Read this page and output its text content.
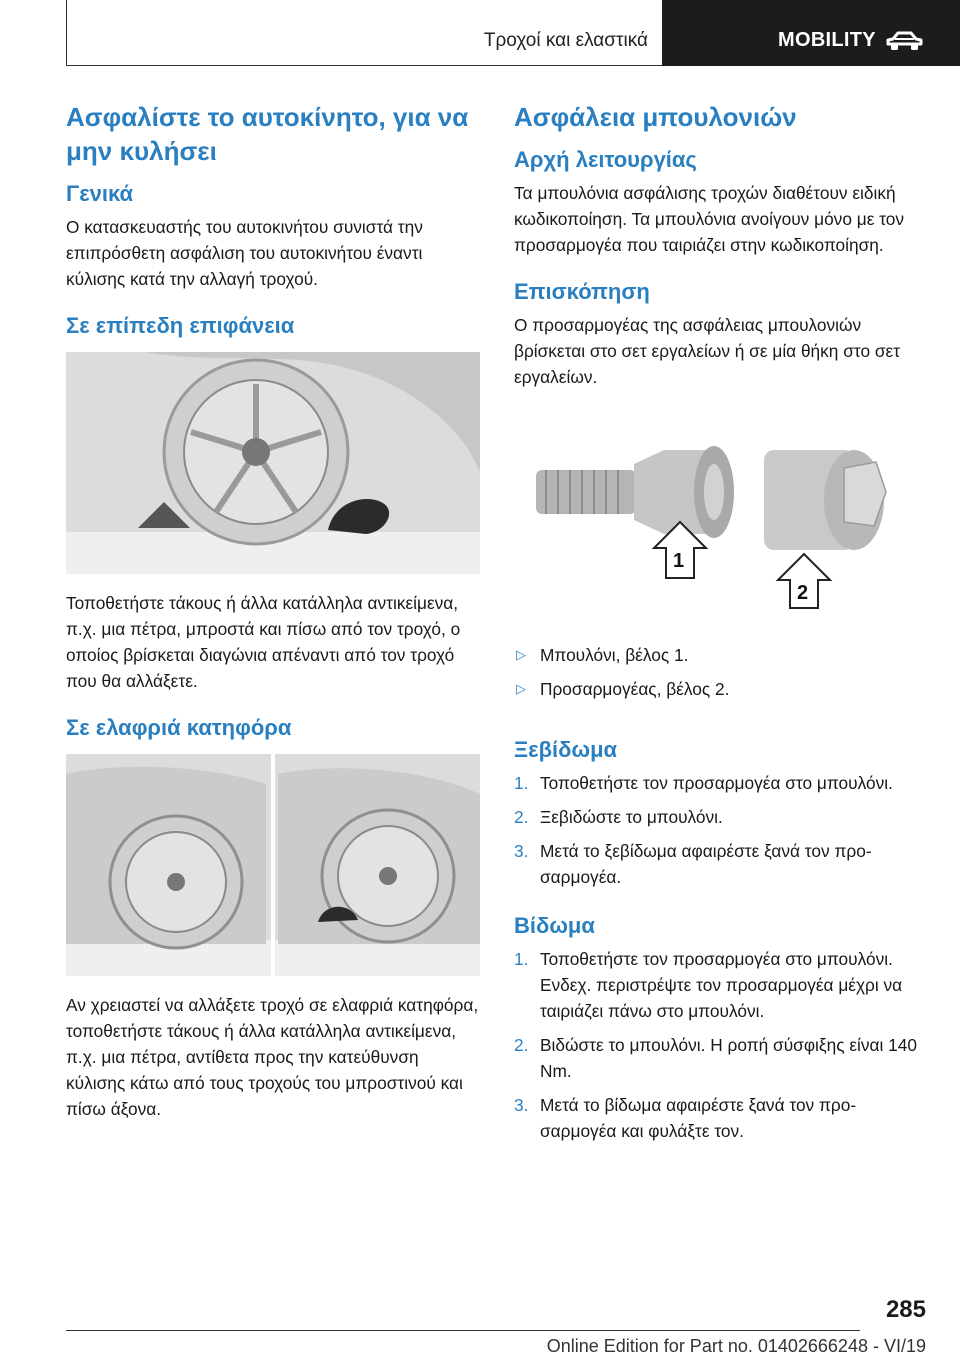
Τροχοί και ελαστικά	MOBILITY
Ασφαλίστε το αυτοκίνητο, για να μην κυλήσει
Γενικά

Ο κατασκευαστής του αυτοκινήτου συνιστά την επιπρόσθετη ασφάλιση του αυτοκινήτου έναντι κύλισης κατά την αλλαγή τροχού.

Σε επίπεδη επιφάνεια

Τοποθετήστε τάκους ή άλλα κατάλληλα αντικείμενα, π.χ. μια πέτρα, μπροστά και πίσω από τον τροχό, ο οποίος βρίσκεται διαγώνια απέναντι από τον τροχό που θα αλλάξετε.

Σε ελαφριά κατηφόρα

Αν χρειαστεί να αλλάξετε τροχό σε ελαφριά κατηφόρα, τοποθετήστε τάκους ή άλλα κατάλληλα αντικείμενα, π.χ. μια πέτρα, αντίθετα προς την κατεύθυνση κύλισης κάτω από τους τροχούς του μπροστινού και πίσω άξονα.

Ασφάλεια μπουλονιών
Αρχή λειτουργίας

Τα μπουλόνια ασφάλισης τροχών διαθέτουν ειδική κωδικοποίηση. Τα μπουλόνια ανοίγουν μόνο με τον προσαρμογέα που ταιριάζει στην κωδικοποίηση.

Επισκόπηση

Ο προσαρμογέας της ασφάλειας μπουλονιών βρίσκεται στο σετ εργαλείων ή σε μία θήκη στο σετ εργαλείων.

1
2
▷ Μπουλόνι, βέλος 1.
▷ Προσαρμογέας, βέλος 2.
Ξεβίδωμα
1. Τοποθετήστε τον προσαρμογέα στο μπουλόνι.
2. Ξεβιδώστε το μπουλόνι.
3. Μετά το ξεβίδωμα αφαιρέστε ξανά τον προσαρμογέα.
Βίδωμα
1. Τοποθετήστε τον προσαρμογέα στο μπουλόνι. Ενδεχ. περιστρέψτε τον προσαρμογέα μέχρι να ταιριάζει πάνω στο μπουλόνι.
2. Βιδώστε το μπουλόνι. Η ροπή σύσφιξης είναι 140 Nm.
3. Μετά το βίδωμα αφαιρέστε ξανά τον προσαρμογέα και φυλάξτε τον.
285
Online Edition for Part no. 01402666248 - VI/19
